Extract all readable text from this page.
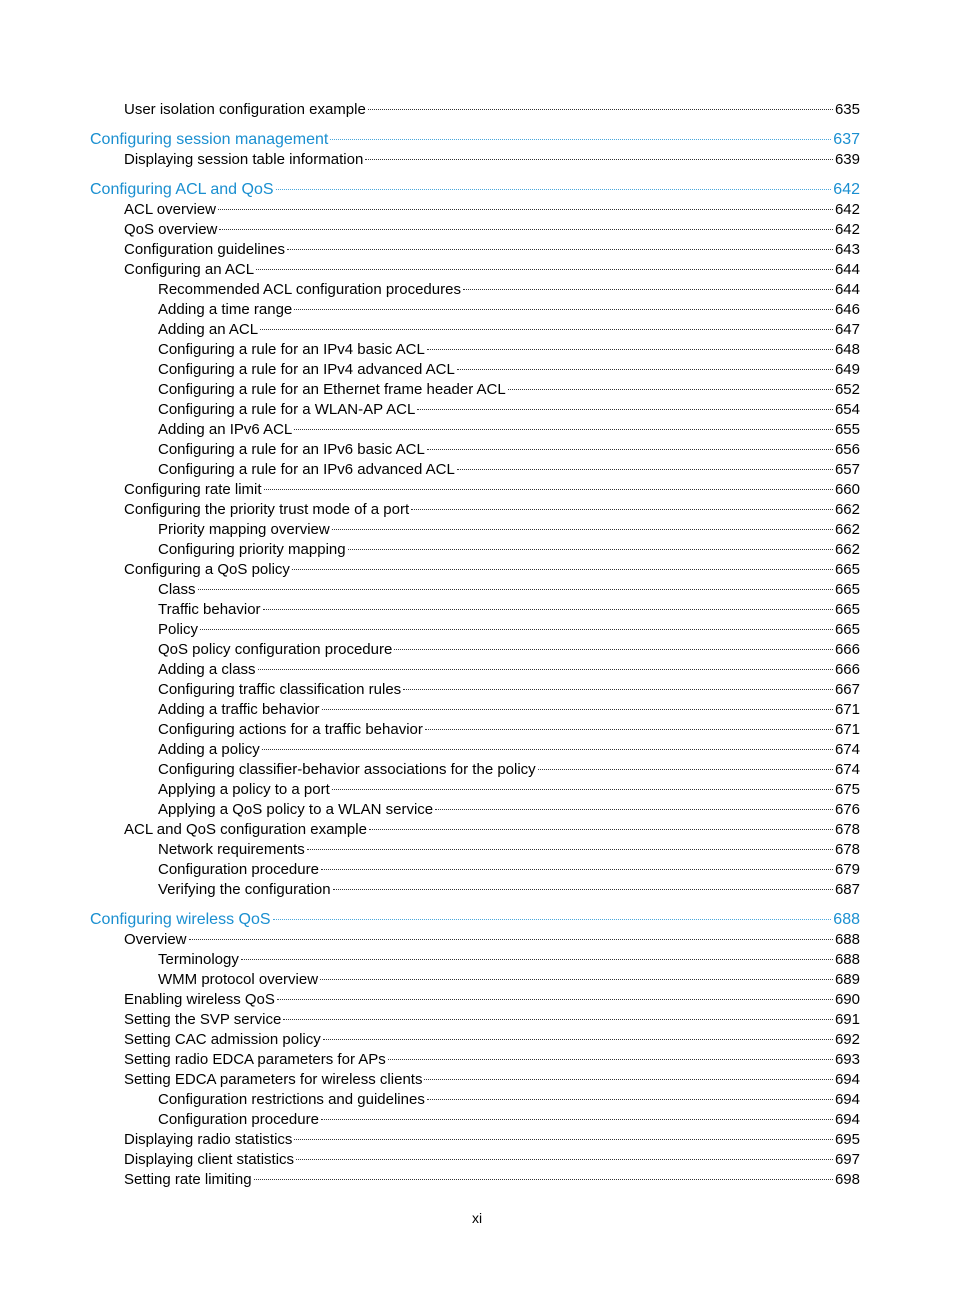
User isolation configuration example	635
Configuring session management	637
Displaying session table information	639
Configuring ACL and QoS	642
ACL overview	642
QoS overview	642
Configuration guidelines	643
Configuring an ACL	644
Recommended ACL configuration procedures	644
Adding a time range	646
Adding an ACL	647
Configuring a rule for an IPv4 basic ACL	648
Configuring a rule for an IPv4 advanced ACL	649
Configuring a rule for an Ethernet frame header ACL	652
Configuring a rule for a WLAN-AP ACL	654
Adding an IPv6 ACL	655
Configuring a rule for an IPv6 basic ACL	656
Configuring a rule for an IPv6 advanced ACL	657
Configuring rate limit	660
Configuring the priority trust mode of a port	662
Priority mapping overview	662
Configuring priority mapping	662
Configuring a QoS policy	665
Class	665
Traffic behavior	665
Policy	665
QoS policy configuration procedure	666
Adding a class	666
Configuring traffic classification rules	667
Adding a traffic behavior	671
Configuring actions for a traffic behavior	671
Adding a policy	674
Configuring classifier-behavior associations for the policy	674
Applying a policy to a port	675
Applying a QoS policy to a WLAN service	676
ACL and QoS configuration example	678
Network requirements	678
Configuration procedure	679
Verifying the configuration	687
Configuring wireless QoS	688
Overview	688
Terminology	688
WMM protocol overview	689
Enabling wireless QoS	690
Setting the SVP service	691
Setting CAC admission policy	692
Setting radio EDCA parameters for APs	693
Setting EDCA parameters for wireless clients	694
Configuration restrictions and guidelines	694
Configuration procedure	694
Displaying radio statistics	695
Displaying client statistics	697
Setting rate limiting	698
xi
